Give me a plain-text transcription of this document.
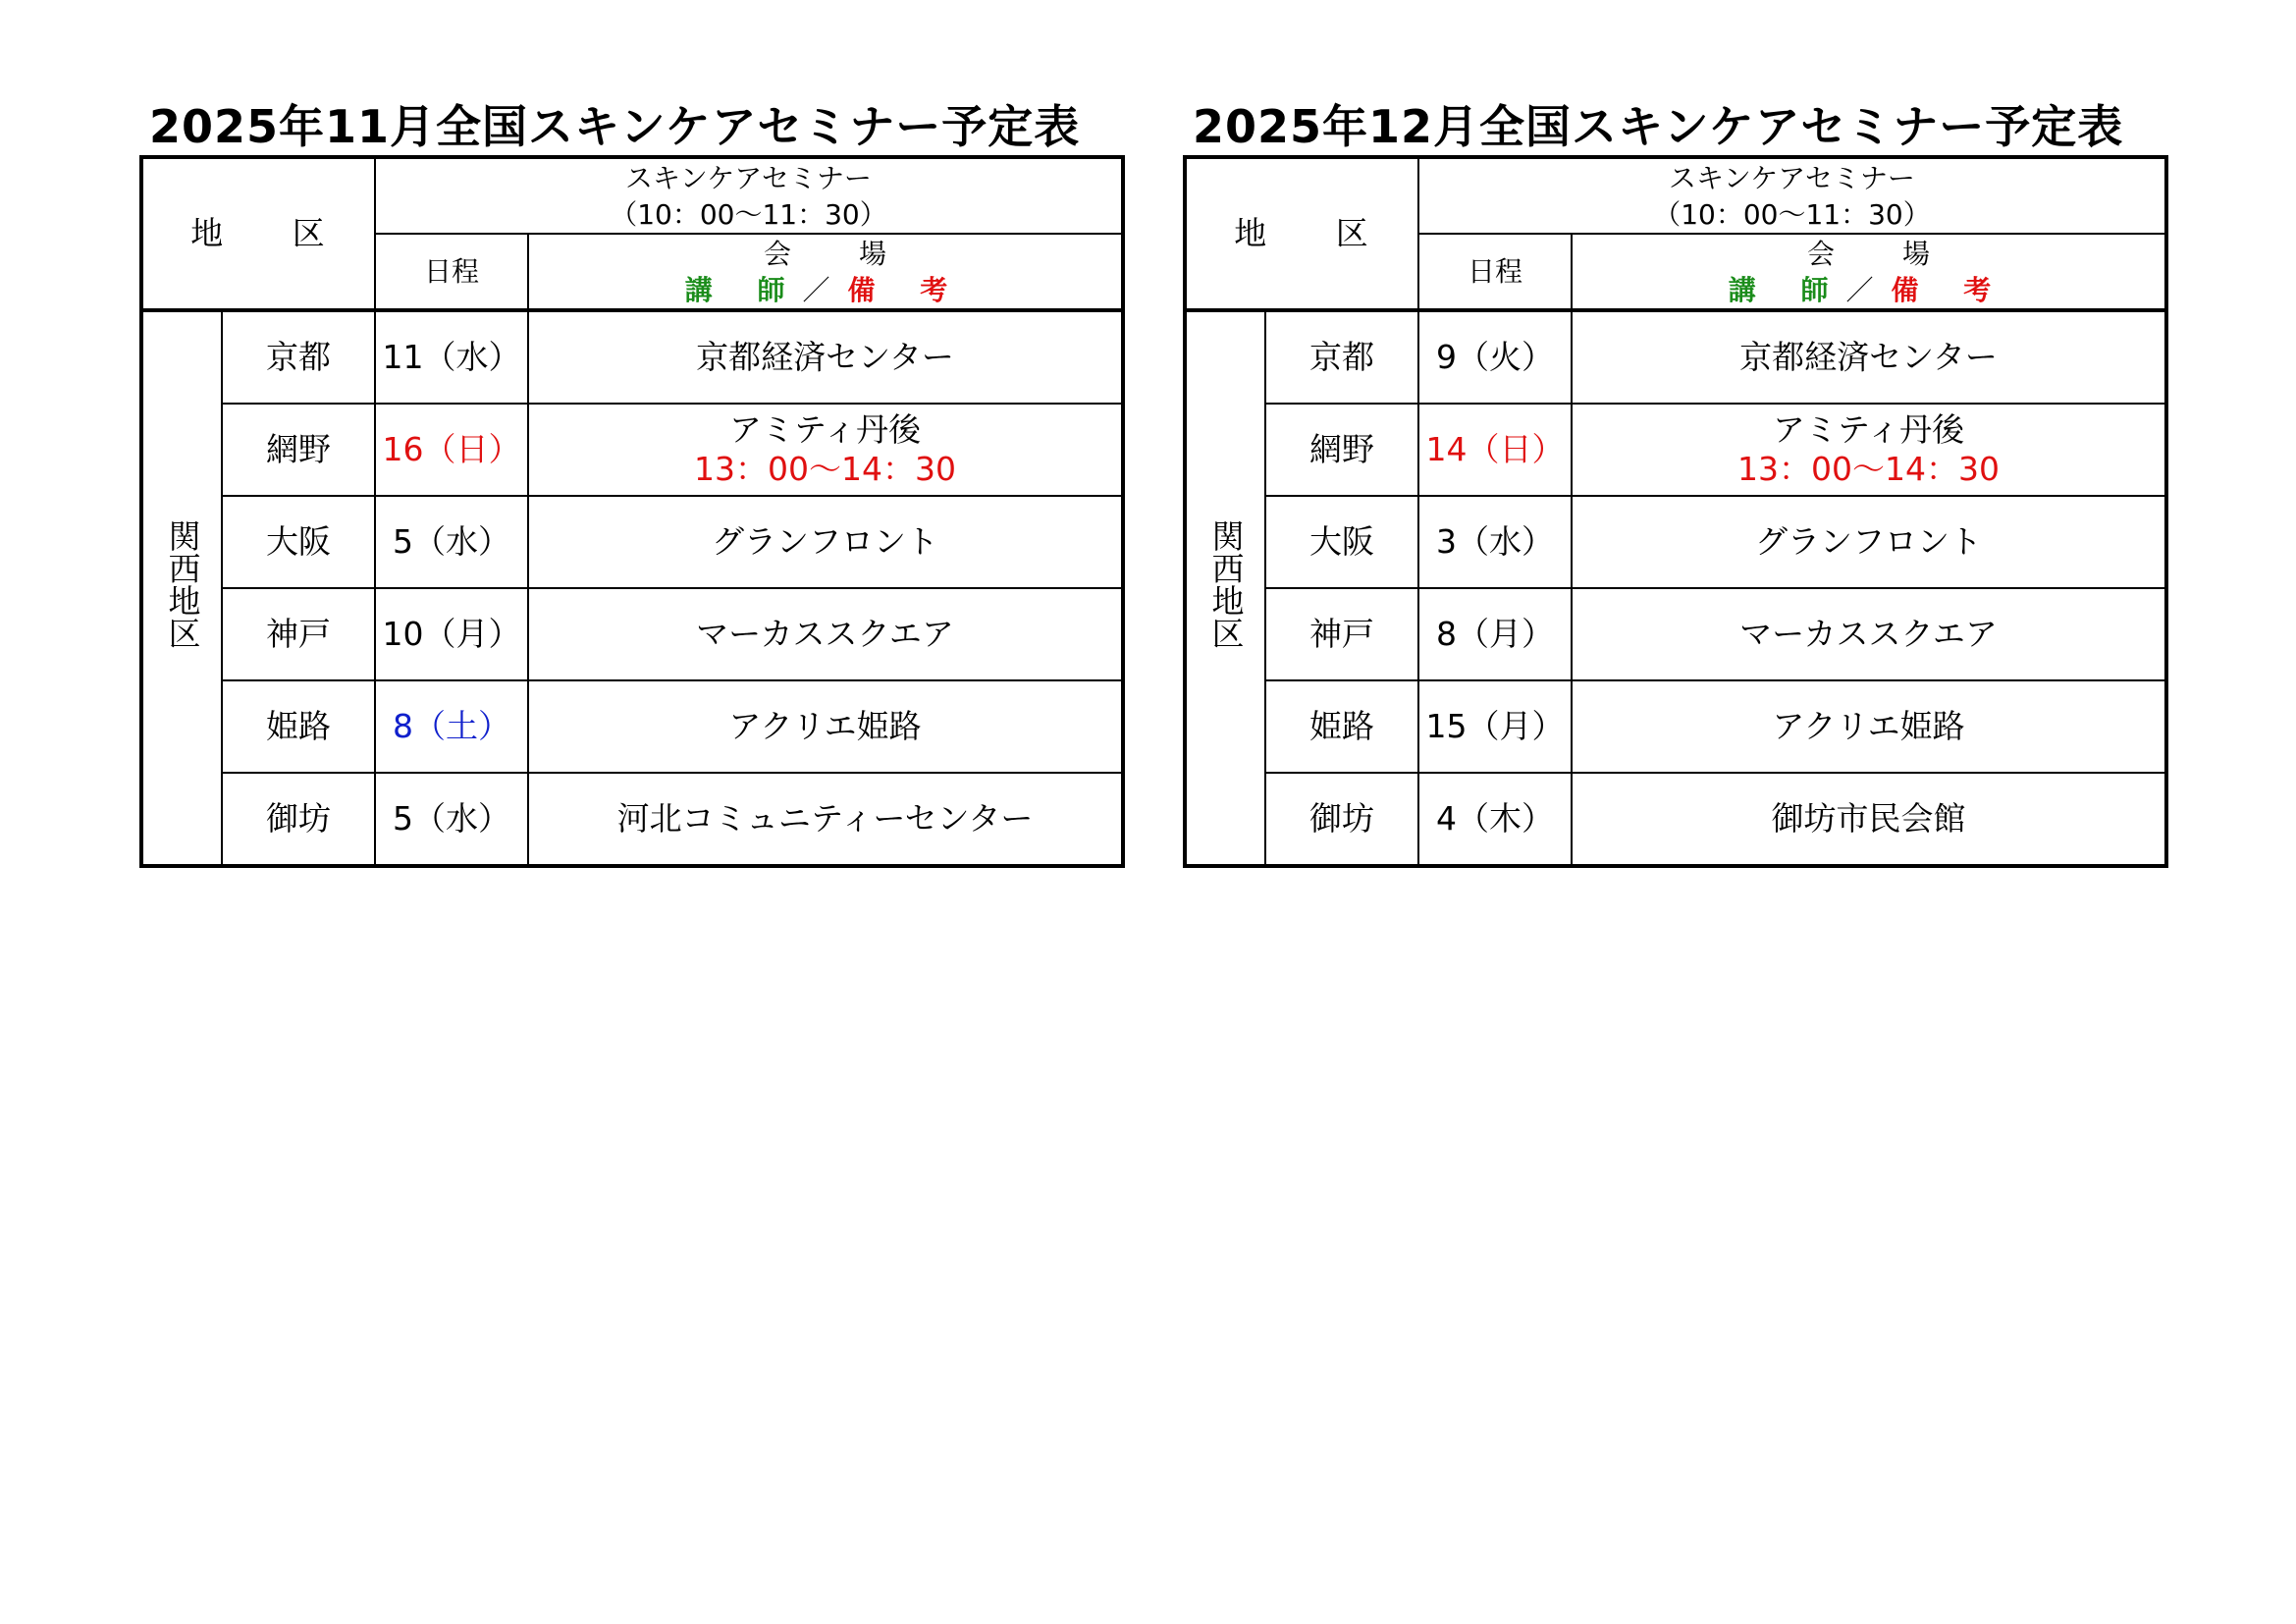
2025年11月全国スキンケアセミナー予定表
地 区		スキンケアセミナー
（10：00～11：30）	

		日程	会 場
講 師／備 考

関西地区	京都	11（水）	京都経済センター

	網野	16（日）	アミティ丹後
13：00～14：30

	大阪	5（水）	グランフロント

	神戸	10（月）	マーカススクエア

	姫路	8（土）	アクリエ姫路

	御坊	5（水）	河北コミュニティーセンター
2025年12月全国スキンケアセミナー予定表
地 区		スキンケアセミナー
（10：00～11：30）	

		日程	会 場
講 師／備 考

関西地区	京都	9（火）	京都経済センター

	網野	14（日）	アミティ丹後
13：00～14：30

	大阪	3（水）	グランフロント

	神戸	8（月）	マーカススクエア

	姫路	15（月）	アクリエ姫路

	御坊	4（木）	御坊市民会館
